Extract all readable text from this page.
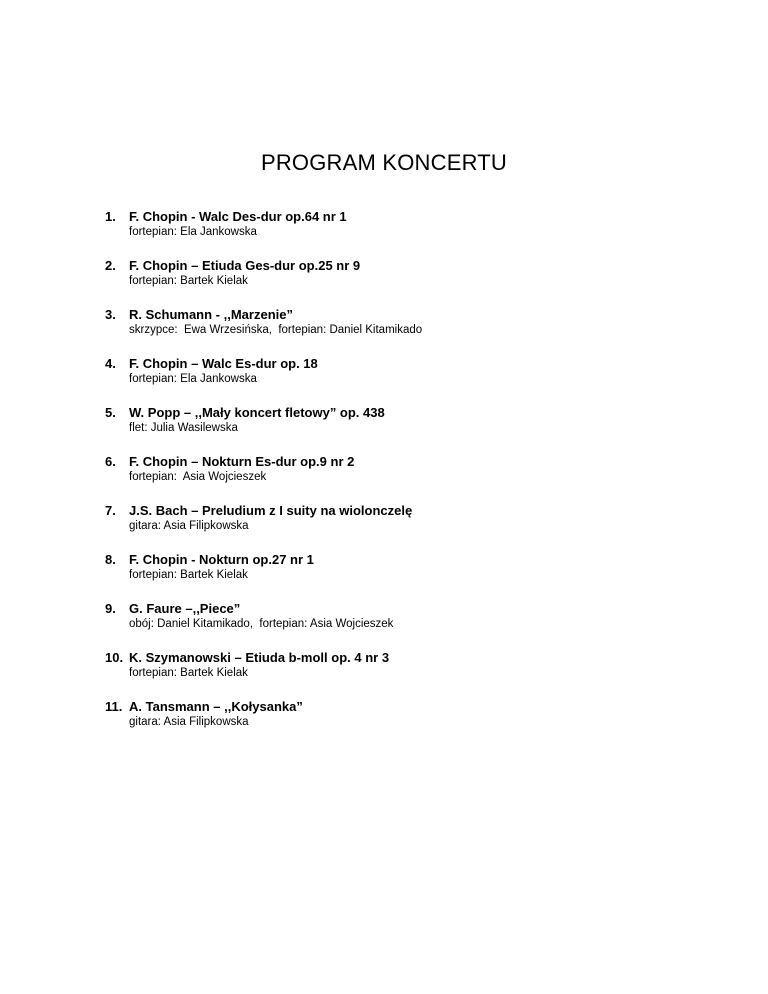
PROGRAM KONCERTU
1. F. Chopin - Walc Des-dur op.64 nr 1
fortepian: Ela Jankowska
2. F. Chopin – Etiuda Ges-dur op.25 nr 9
fortepian: Bartek Kielak
3. R. Schumann - ,,Marzenie”
skrzypce:  Ewa Wrzesińska,  fortepian: Daniel Kitamikado
4. F. Chopin – Walc Es-dur op. 18
fortepian: Ela Jankowska
5. W. Popp – ,,Mały koncert fletowy” op. 438
flet: Julia Wasilewska
6. F. Chopin – Nokturn Es-dur op.9 nr 2
fortepian:  Asia Wojcieszek
7. J.S. Bach – Preludium z I suity na wiolonczelę
gitara: Asia Filipkowska
8. F. Chopin - Nokturn op.27 nr 1
fortepian: Bartek Kielak
9. G. Faure –,,Piece”
obój: Daniel Kitamikado,  fortepian: Asia Wojcieszek
10. K. Szymanowski – Etiuda b-moll op. 4 nr 3
fortepian: Bartek Kielak
11. A. Tansmann – ,,Kołysanka”
gitara: Asia Filipkowska
